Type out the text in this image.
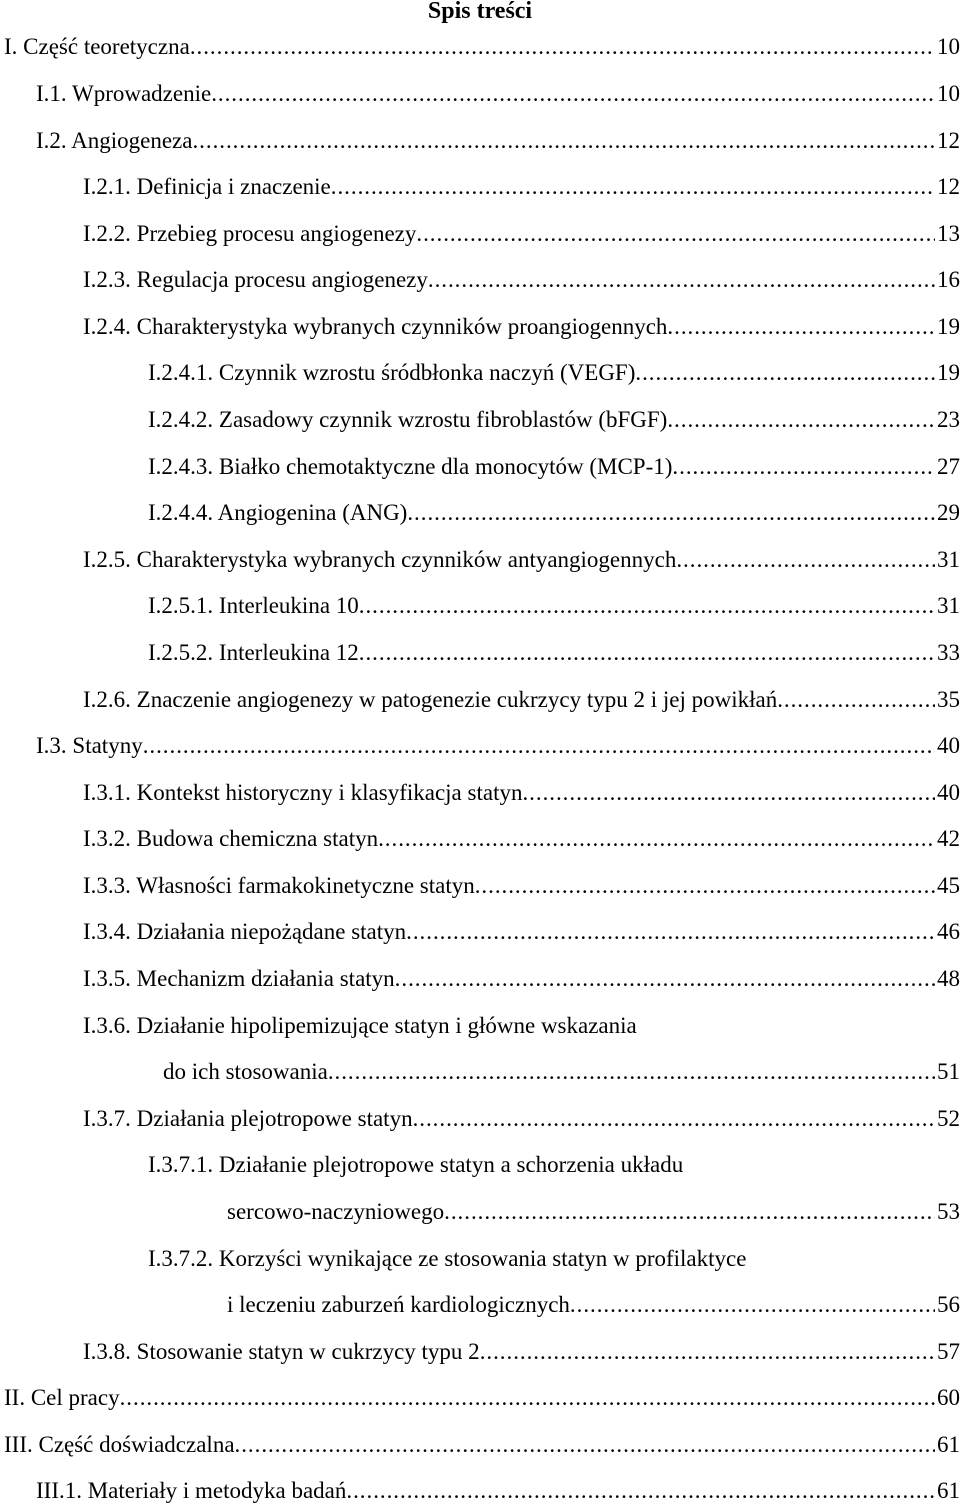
Spis treści
I. Część teoretyczna . . .	10
I.1. Wprowadzenie . . .	10
I.2. Angiogeneza . . .	12
I.2.1. Definicja i znaczenie . . .	12
I.2.2. Przebieg procesu angiogenezy . . .	13
I.2.3. Regulacja procesu angiogenezy . . .	16
I.2.4. Charakterystyka wybranych czynników proangiogennych . . .	19
I.2.4.1. Czynnik wzrostu śródbłonka naczyń (VEGF) . . .	19
I.2.4.2. Zasadowy czynnik wzrostu fibroblastów (bFGF) . . .	23
I.2.4.3. Białko chemotaktyczne dla monocytów (MCP-1) . . .	27
I.2.4.4. Angiogenina (ANG) . . .	29
I.2.5. Charakterystyka wybranych czynników antyangiogennych . . .	31
I.2.5.1. Interleukina 10 . . .	31
I.2.5.2. Interleukina 12 . . .	33
I.2.6. Znaczenie angiogenezy w patogenezie cukrzycy typu 2 i jej powikłań . . .	35
I.3. Statyny . . .	40
I.3.1. Kontekst historyczny i klasyfikacja statyn . . .	40
I.3.2. Budowa chemiczna statyn . . .	42
I.3.3. Własności farmakokinetyczne statyn . . .	45
I.3.4. Działania niepożądane statyn . . .	46
I.3.5. Mechanizm działania statyn . . .	48
I.3.6. Działanie hipolipemizujące statyn i główne wskazania
do ich stosowania . . .	51
I.3.7. Działania plejotropowe statyn . . .	52
I.3.7.1. Działanie plejotropowe statyn a schorzenia układu
sercowo-naczyniowego . . .	53
I.3.7.2. Korzyści wynikające ze stosowania statyn w profilaktyce
i leczeniu zaburzeń kardiologicznych . . .	56
I.3.8. Stosowanie statyn w cukrzycy typu 2 . . .	57
II. Cel pracy . . .	60
III. Część doświadczalna . . .	61
III.1. Materiały i metodyka badań . . .	61
